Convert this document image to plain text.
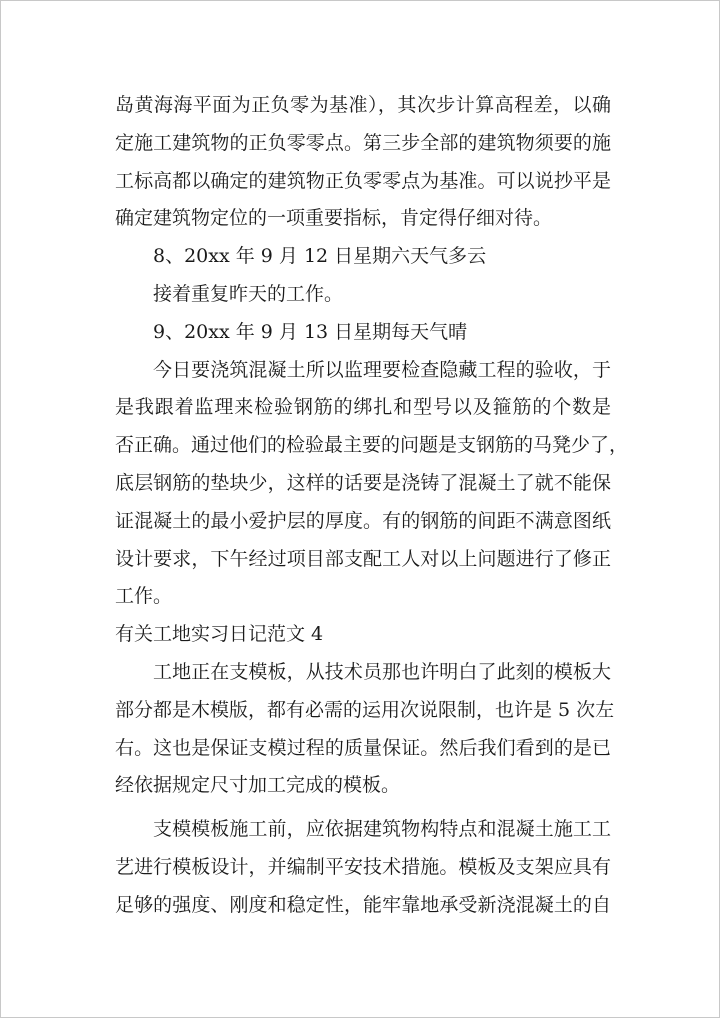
岛黄海海平面为正负零为基准），其次步计算高程差，以确
定施工建筑物的正负零零点。第三步全部的建筑物须要的施
工标高都以确定的建筑物正负零零点为基准。可以说抄平是
确定建筑物定位的一项重要指标，肯定得仔细对待。
8、20xx 年 9 月 12 日星期六天气多云
接着重复昨天的工作。
9、20xx 年 9 月 13 日星期每天气晴
今日要浇筑混凝土所以监理要检查隐藏工程的验收，于
是我跟着监理来检验钢筋的绑扎和型号以及箍筋的个数是
否正确。通过他们的检验最主要的问题是支钢筋的马凳少了，
底层钢筋的垫块少，这样的话要是浇铸了混凝土了就不能保
证混凝土的最小爱护层的厚度。有的钢筋的间距不满意图纸
设计要求，下午经过项目部支配工人对以上问题进行了修正
工作。
有关工地实习日记范文 4
工地正在支模板，从技术员那也许明白了此刻的模板大
部分都是木模版，都有必需的运用次说限制，也许是 5 次左
右。这也是保证支模过程的质量保证。然后我们看到的是已
经依据规定尺寸加工完成的模板。
支模模板施工前，应依据建筑物构特点和混凝土施工工
艺进行模板设计，并编制平安技术措施。模板及支架应具有
足够的强度、刚度和稳定性，能牢靠地承受新浇混凝土的自
